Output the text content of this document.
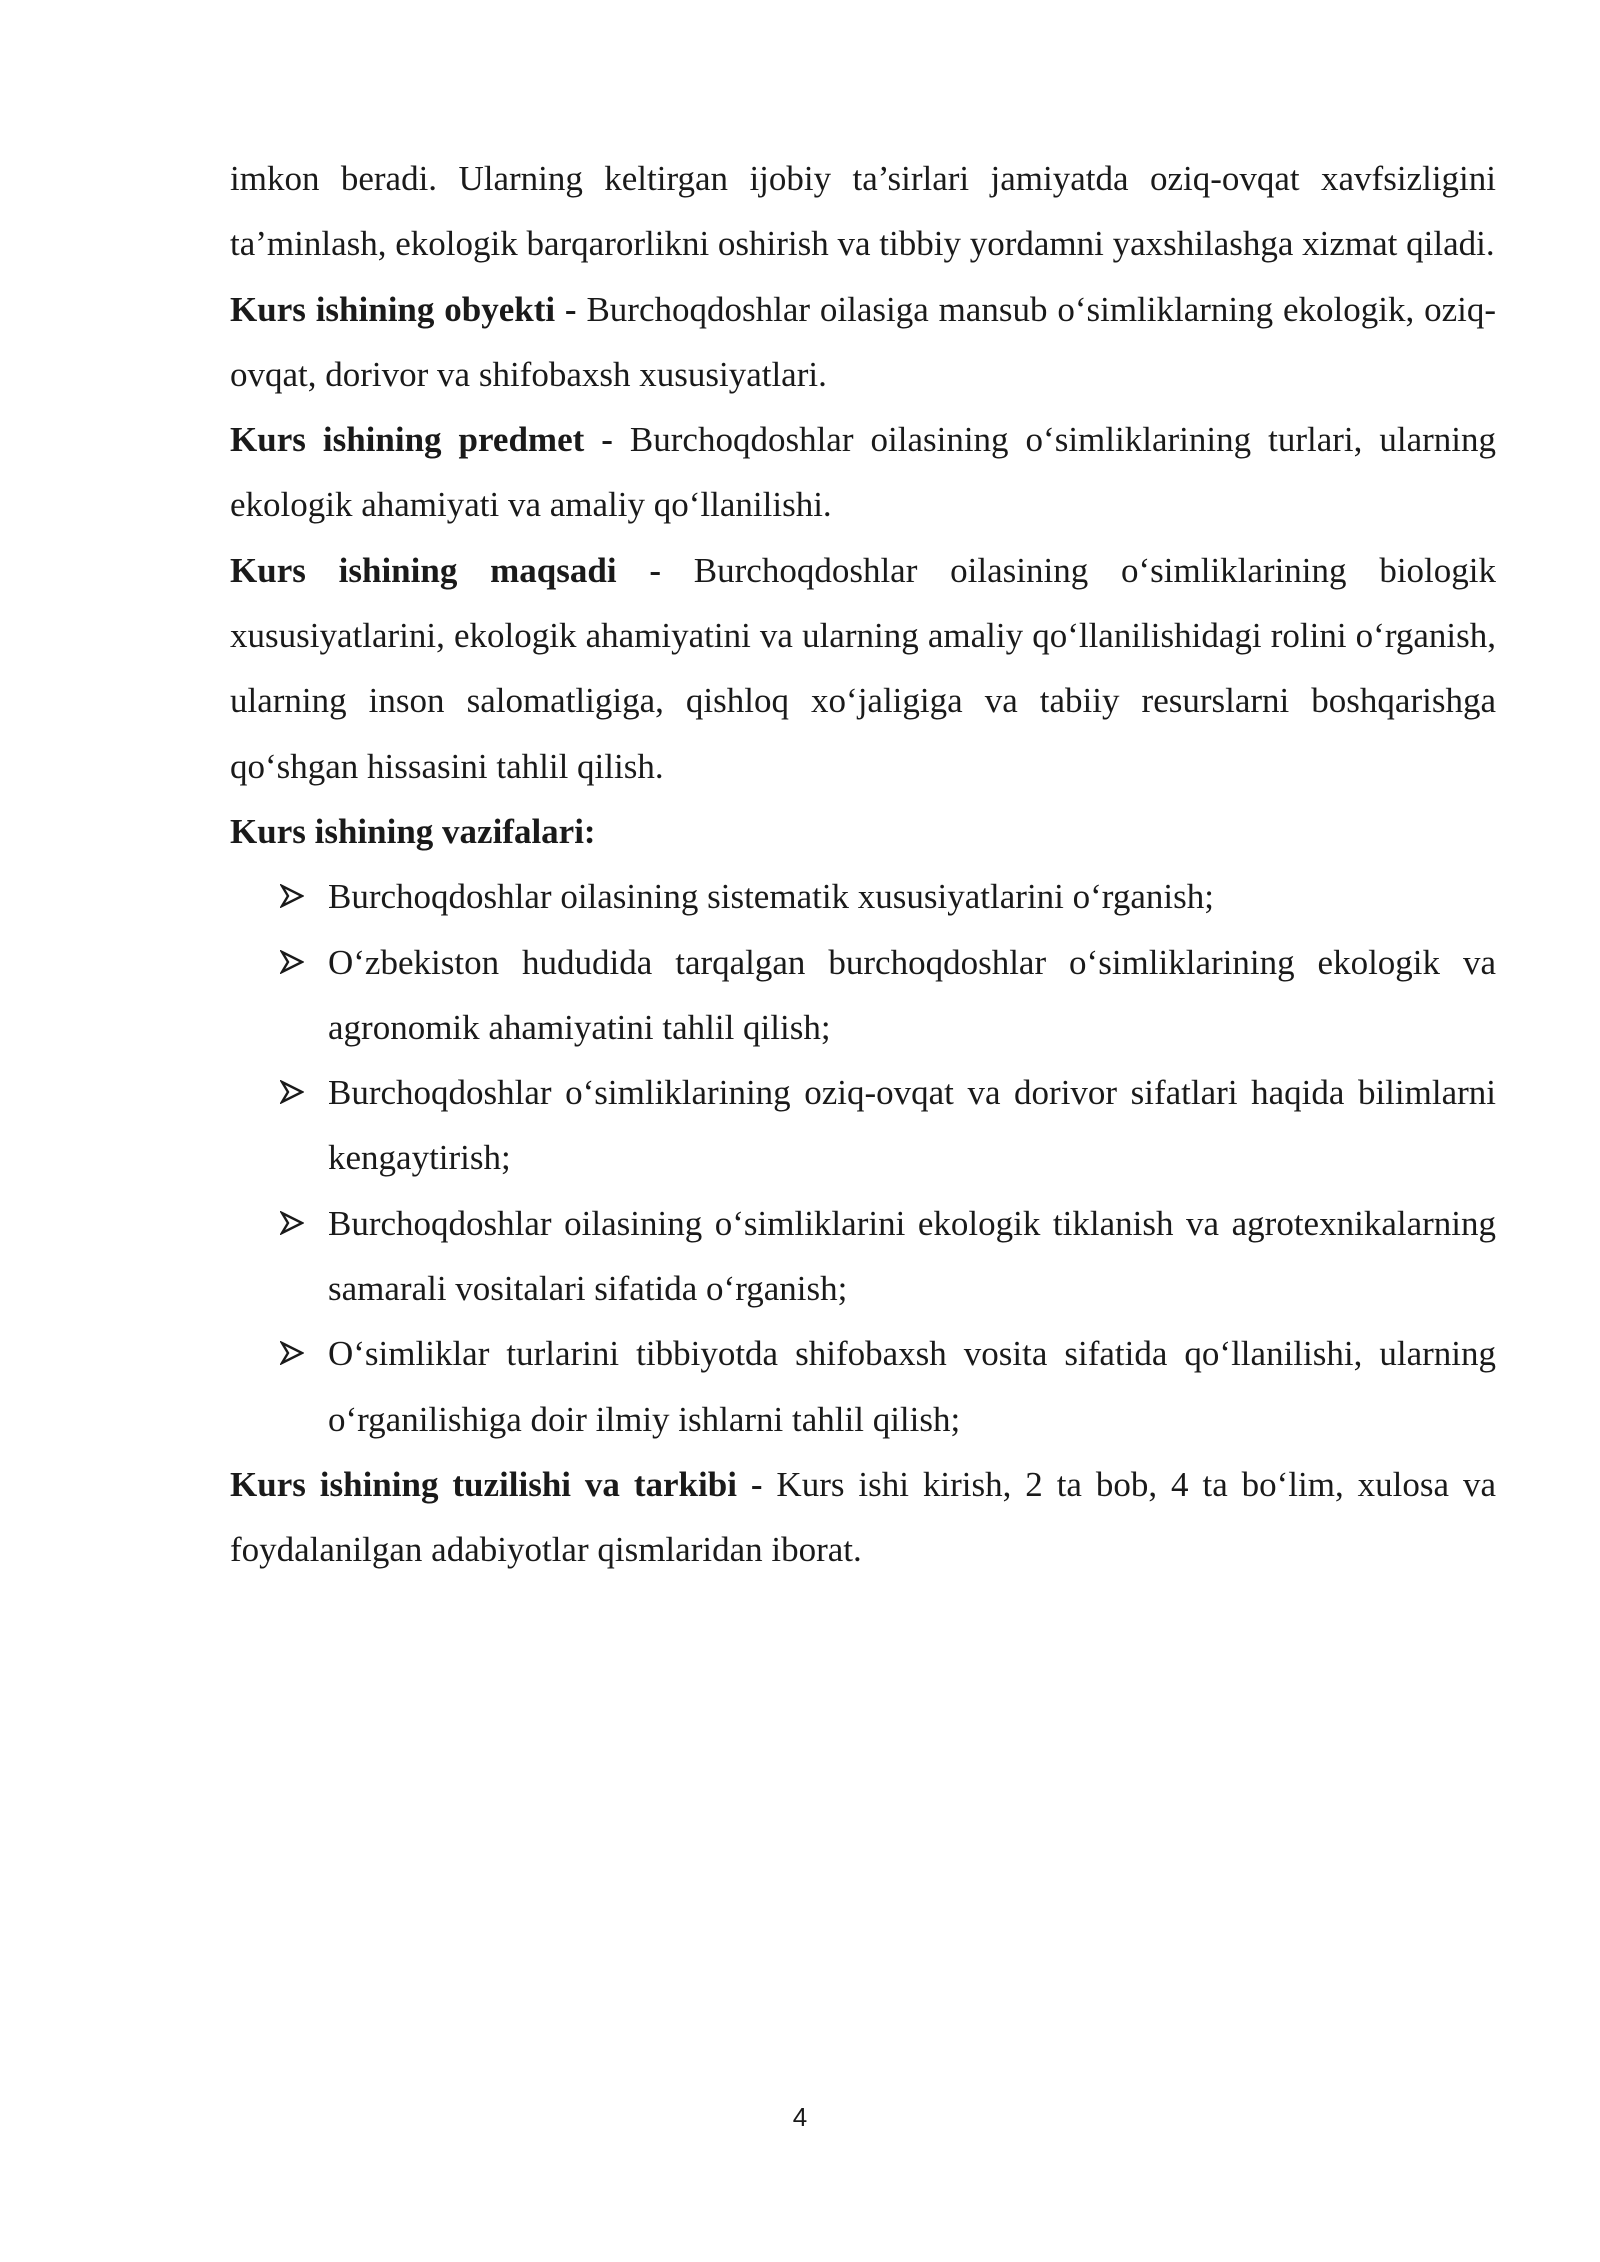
imkon beradi. Ularning keltirgan ijobiy ta’sirlari jamiyatda oziq-ovqat xavfsizligini ta’minlash, ekologik barqarorlikni oshirish va tibbiy yordamni yaxshilashga xizmat qiladi.

Kurs ishining obyekti - Burchoqdoshlar oilasiga mansub o‘simliklarning ekologik, oziq-ovqat, dorivor va shifobaxsh xususiyatlari.

Kurs ishining predmet - Burchoqdoshlar oilasining o‘simliklarining turlari, ularning ekologik ahamiyati va amaliy qo‘llanilishi.

Kurs ishining maqsadi - Burchoqdoshlar oilasining o‘simliklarining biologik xususiyatlarini, ekologik ahamiyatini va ularning amaliy qo‘llanilishidagi rolini o‘rganish, ularning inson salomatligiga, qishloq xo‘jaligiga va tabiiy resurslarni boshqarishga qo‘shgan hissasini tahlil qilish.

Kurs ishining vazifalari:

Burchoqdoshlar oilasining sistematik xususiyatlarini o‘rganish;
O‘zbekiston hududida tarqalgan burchoqdoshlar o‘simliklarining ekologik va agronomik ahamiyatini tahlil qilish;
Burchoqdoshlar o‘simliklarining oziq-ovqat va dorivor sifatlari haqida bilimlarni kengaytirish;
Burchoqdoshlar oilasining o‘simliklarini ekologik tiklanish va agrotexnikalarning samarali vositalari sifatida o‘rganish;
O‘simliklar turlarini tibbiyotda shifobaxsh vosita sifatida qo‘llanilishi, ularning o‘rganilishiga doir ilmiy ishlarni tahlil qilish;

Kurs ishining tuzilishi va tarkibi - Kurs ishi kirish, 2 ta bob, 4 ta bo‘lim, xulosa va foydalanilgan adabiyotlar qismlaridan iborat.

4
